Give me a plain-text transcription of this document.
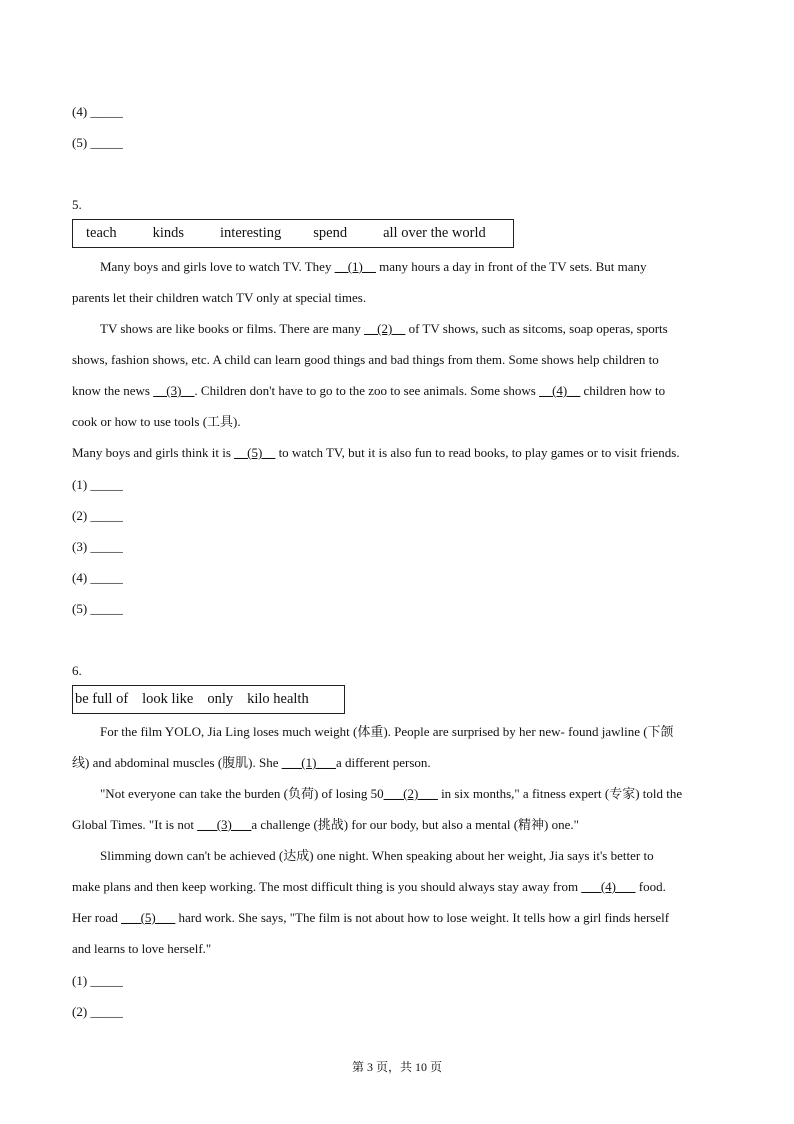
(4) _____
(5) _____
5.
teach kinds interesting spend all over the world

Many boys and girls love to watch TV. They __(1)__ many hours a day in front of the TV sets. But many

parents let their children watch TV only at special times.

TV shows are like books or films. There are many __(2)__ of TV shows, such as sitcoms, soap operas, sports

shows, fashion shows, etc. A child can learn good things and bad things from them. Some shows help children to

know the news __(3)__. Children don't have to go to the zoo to see animals. Some shows __(4)__ children how to

cook or how to use tools (工具).

Many boys and girls think it is __(5)__ to watch TV, but it is also fun to read books, to play games or to visit friends.

(1) _____
(2) _____
(3) _____
(4) _____
(5) _____
6.
be full of look like only kilo health

For the film YOLO, Jia Ling loses much weight (体重). People are surprised by her new- found jawline (下颌

线) and abdominal muscles (腹肌). She ___(1)___a different person.

"Not everyone can take the burden (负荷) of losing 50___(2)___ in six months," a fitness expert (专家) told the

Global Times. "It is not ___(3)___a challenge (挑战) for our body, but also a mental (精神) one."

Slimming down can't be achieved (达成) one night. When speaking about her weight, Jia says it's better to

make plans and then keep working. The most difficult thing is you should always stay away from ___(4)___ food.

Her road ___(5)___ hard work. She says, "The film is not about how to lose weight. It tells how a girl finds herself

and learns to love herself."

(1) _____
(2) _____
第 3 页，共 10 页
